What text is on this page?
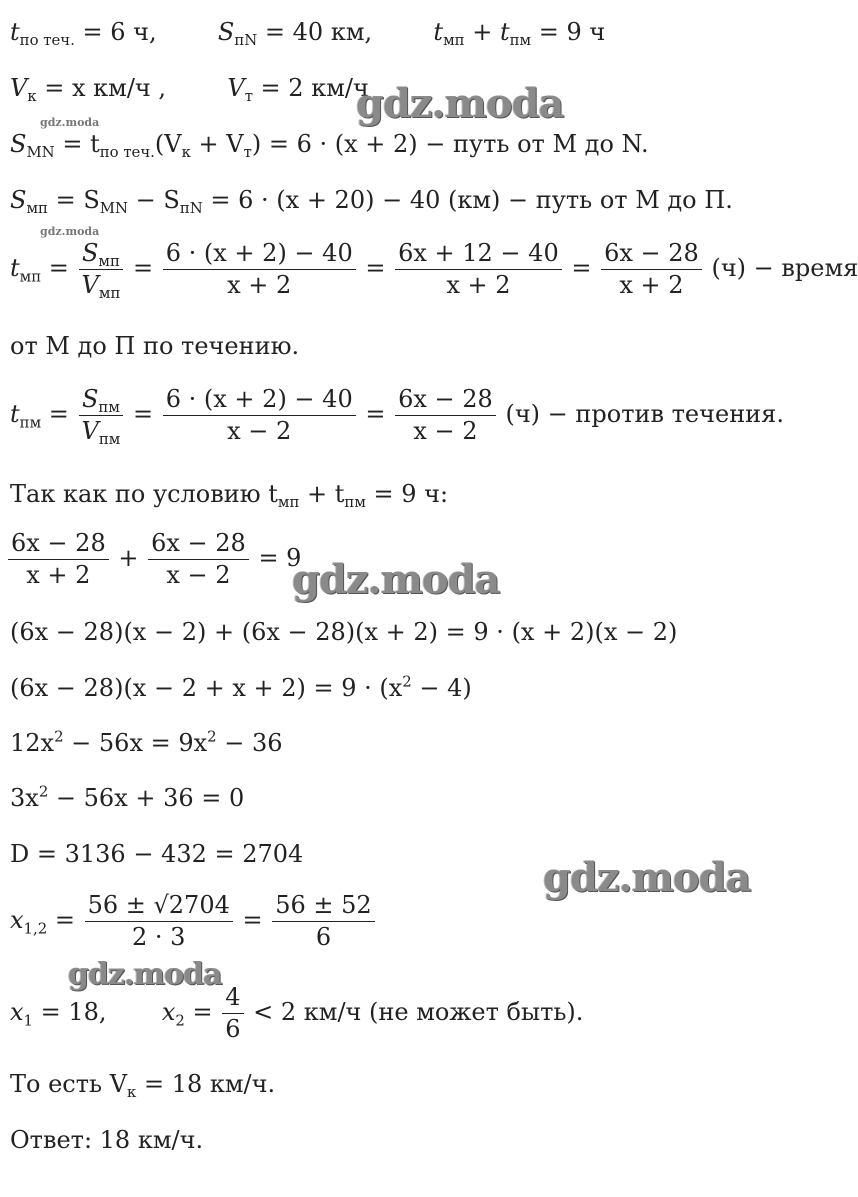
$t_{по теч.} = 6$ ч,	$S_{пN} = 40$ км,	$t_{мп} + t_{пм} = 9$ ч
$V_к = x$ км/ч ,	$V_т = 2$ км/ч
gdz.moda
gdz.moda
$S_{MN} = t_{по теч.}(V_к + V_т) = 6 \cdot (x + 2)$ − путь от M до N.
$S_{мп} = S_{MN} - S_{пN} = 6 \cdot (x + 20) - 40$ (км) − путь от M до П.
gdz.moda
$t_{мп} = \frac{S_{мп}}{V_{мп}} = \frac{6 \cdot (x + 2) - 40}{x + 2} = \frac{6x + 12 - 40}{x + 2} = \frac{6x - 28}{x + 2} (ч)$ − время
от M до П по течению.
$t_{пм} = \frac{S_{пм}}{V_{пм}} = \frac{6 \cdot (x + 2) - 40}{x - 2} = \frac{6x - 28}{x - 2} (ч)$ − против течения.
Так как по условию $t_{мп} + t_{пм} = 9$ ч:
$\frac{6x - 28}{x + 2} + \frac{6x - 28}{x - 2} = 9$
gdz.moda
(6x − 28)(x − 2) + (6x − 28)(x + 2) = 9 · (x + 2)(x − 2)
$(6x - 28)(x - 2 + x + 2) = 9 \cdot (x^2 - 4)$
$12x^2 - 56x = 9x^2 - 36$
$3x^2 - 56x + 36 = 0$
D = 3136 − 432 = 2704	gdz.moda
$x_{1,2} = \frac{56 \pm √2704}{2 \cdot 3} = \frac{56 \pm 52}{6}$
gdz.moda
$x_1 = 18$, $x_2 = \frac{4}{6} < 2$ км/ч (не может быть).
То есть $V_к = 18$ км/ч.
Ответ: 18 км/ч.
